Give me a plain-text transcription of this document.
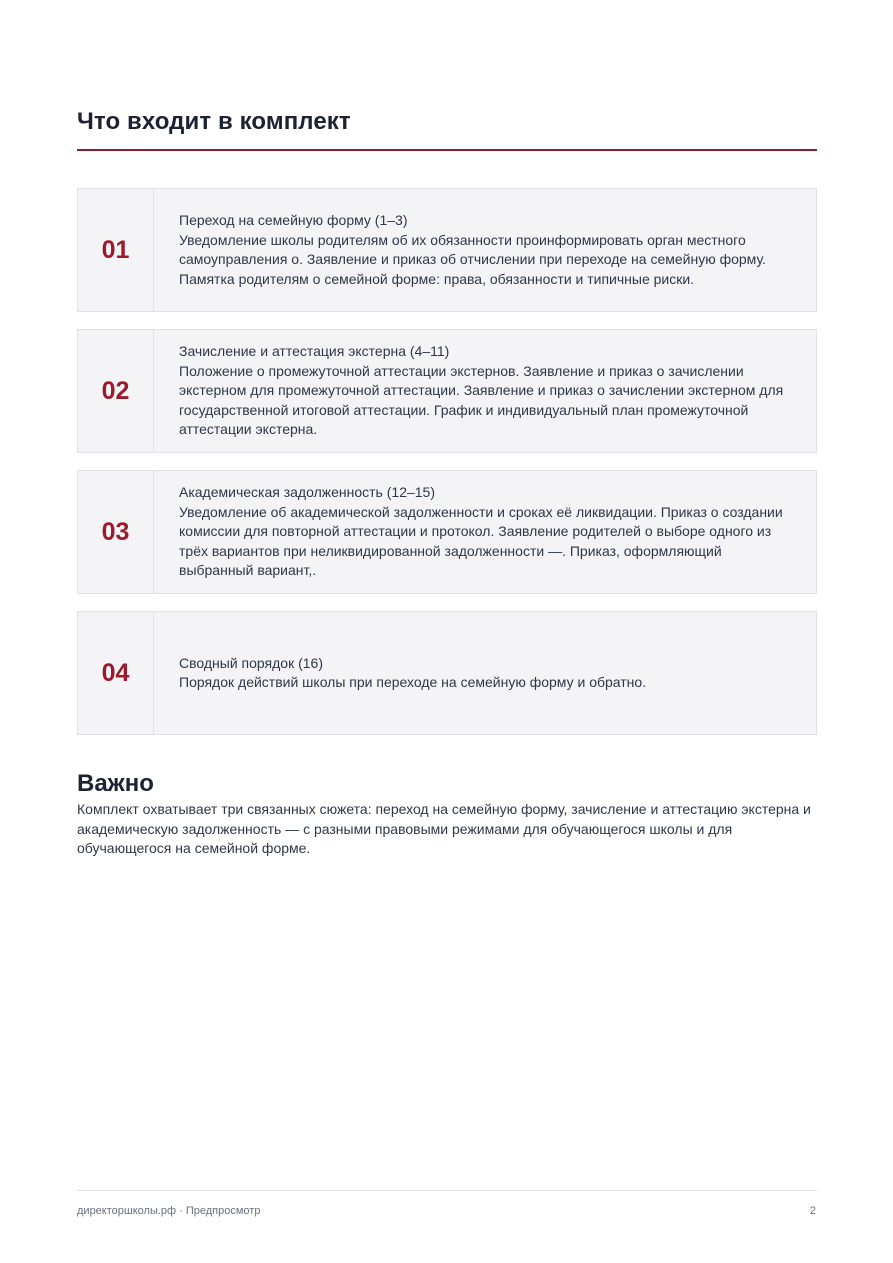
Что входит в комплект
01

Переход на семейную форму (1–3)

Уведомление школы родителям об их обязанности проинформировать орган местного самоуправления о. Заявление и приказ об отчислении при переходе на семейную форму. Памятка родителям о семейной форме: права, обязанности и типичные риски.

02

Зачисление и аттестация экстерна (4–11)

Положение о промежуточной аттестации экстернов. Заявление и приказ о зачислении экстерном для промежуточной аттестации. Заявление и приказ о зачислении экстерном для государственной итоговой аттестации. График и индивидуальный план промежуточной аттестации экстерна.

03

Академическая задолженность (12–15)

Уведомление об академической задолженности и сроках её ликвидации. Приказ о создании комиссии для повторной аттестации и протокол. Заявление родителей о выборе одного из трёх вариантов при неликвидированной задолженности —. Приказ, оформляющий выбранный вариант,.

04	Сводный порядок (16)

Порядок действий школы при переходе на семейную форму и обратно.

Важно

Комплект охватывает три связанных сюжета: переход на семейную форму, зачисление и аттестацию экстерна и академическую задолженность — с разными правовыми режимами для обучающегося школы и для обучающегося на семейной форме.

директоршколы.рф · Предпросмотр	2
